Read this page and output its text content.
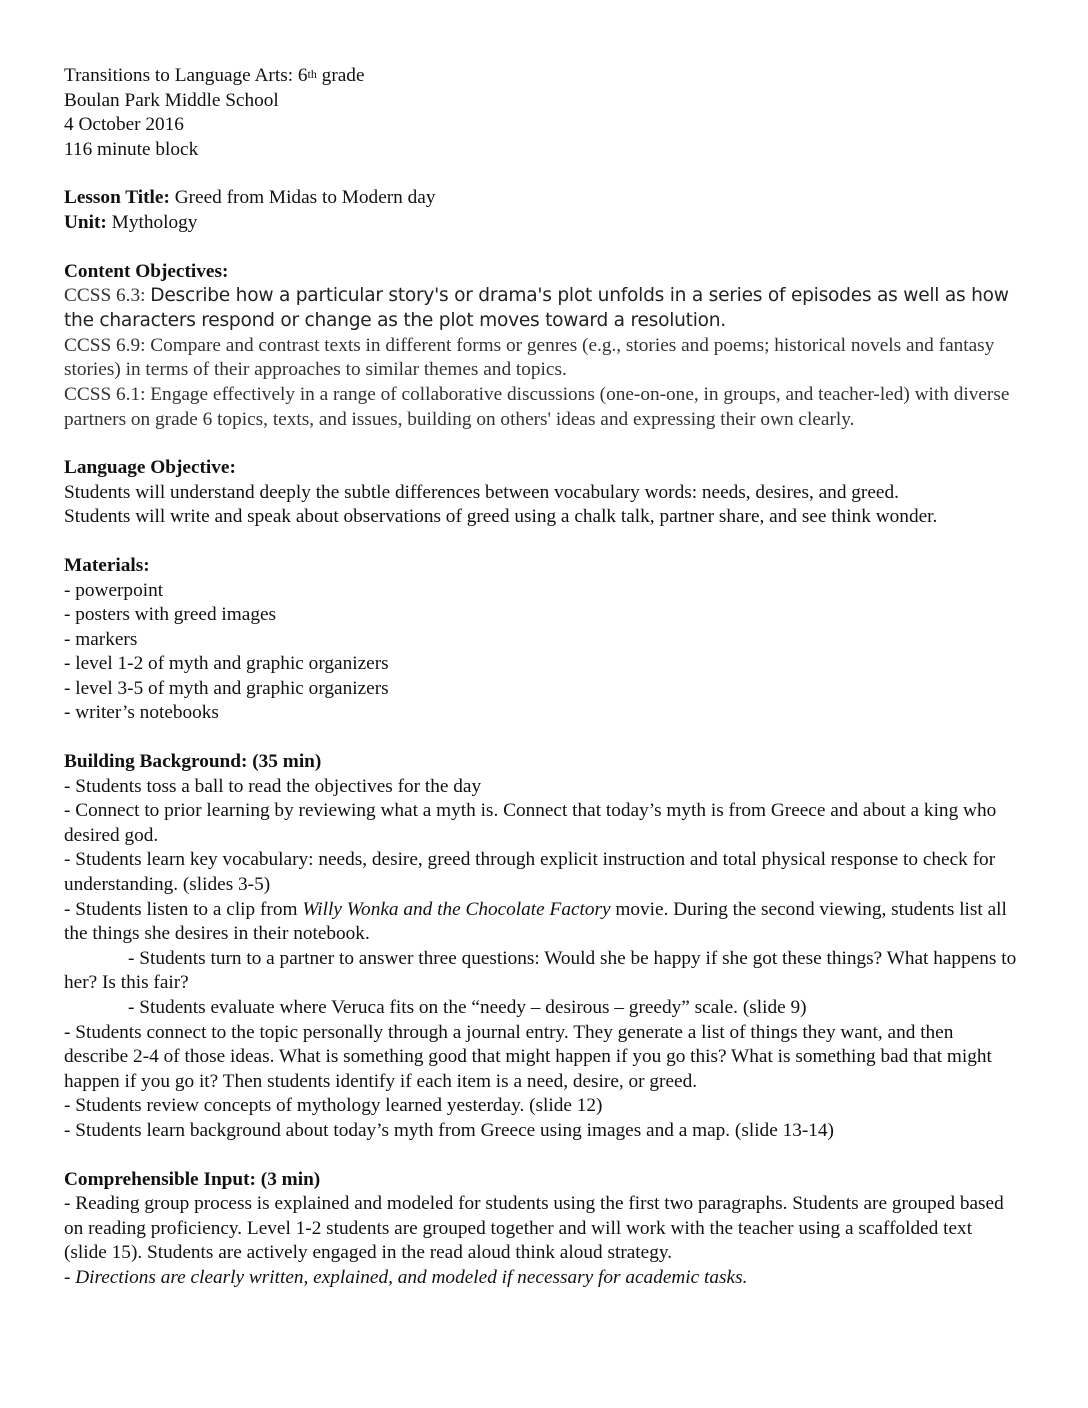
Transitions to Language Arts: 6th grade
Boulan Park Middle School
4 October 2016
116 minute block
Lesson Title: Greed from Midas to Modern day
Unit: Mythology
Content Objectives:
CCSS 6.3: Describe how a particular story's or drama's plot unfolds in a series of episodes as well as how the characters respond or change as the plot moves toward a resolution.
CCSS 6.9: Compare and contrast texts in different forms or genres (e.g., stories and poems; historical novels and fantasy stories) in terms of their approaches to similar themes and topics.
CCSS 6.1: Engage effectively in a range of collaborative discussions (one-on-one, in groups, and teacher-led) with diverse partners on grade 6 topics, texts, and issues, building on others' ideas and expressing their own clearly.
Language Objective:
Students will understand deeply the subtle differences between vocabulary words: needs, desires, and greed.
Students will write and speak about observations of greed using a chalk talk, partner share, and see think wonder.
Materials:
- powerpoint
- posters with greed images
- markers
- level 1-2 of myth and graphic organizers
- level 3-5 of myth and graphic organizers
- writer’s notebooks
Building Background: (35 min)
- Students toss a ball to read the objectives for the day
- Connect to prior learning by reviewing what a myth is. Connect that today’s myth is from Greece and about a king who desired god.
- Students learn key vocabulary: needs, desire, greed through explicit instruction and total physical response to check for understanding. (slides 3-5)
- Students listen to a clip from Willy Wonka and the Chocolate Factory movie. During the second viewing, students list all the things she desires in their notebook.
- Students turn to a partner to answer three questions: Would she be happy if she got these things? What happens to her? Is this fair?
- Students evaluate where Veruca fits on the “needy – desirous – greedy” scale. (slide 9)
- Students connect to the topic personally through a journal entry. They generate a list of things they want, and then describe 2-4 of those ideas. What is something good that might happen if you go this? What is something bad that might happen if you go it? Then students identify if each item is a need, desire, or greed.
- Students review concepts of mythology learned yesterday. (slide 12)
- Students learn background about today’s myth from Greece using images and a map. (slide 13-14)
Comprehensible Input: (3 min)
- Reading group process is explained and modeled for students using the first two paragraphs. Students are grouped based on reading proficiency. Level 1-2 students are grouped together and will work with the teacher using a scaffolded text (slide 15). Students are actively engaged in the read aloud think aloud strategy.
- Directions are clearly written, explained, and modeled if necessary for academic tasks.
